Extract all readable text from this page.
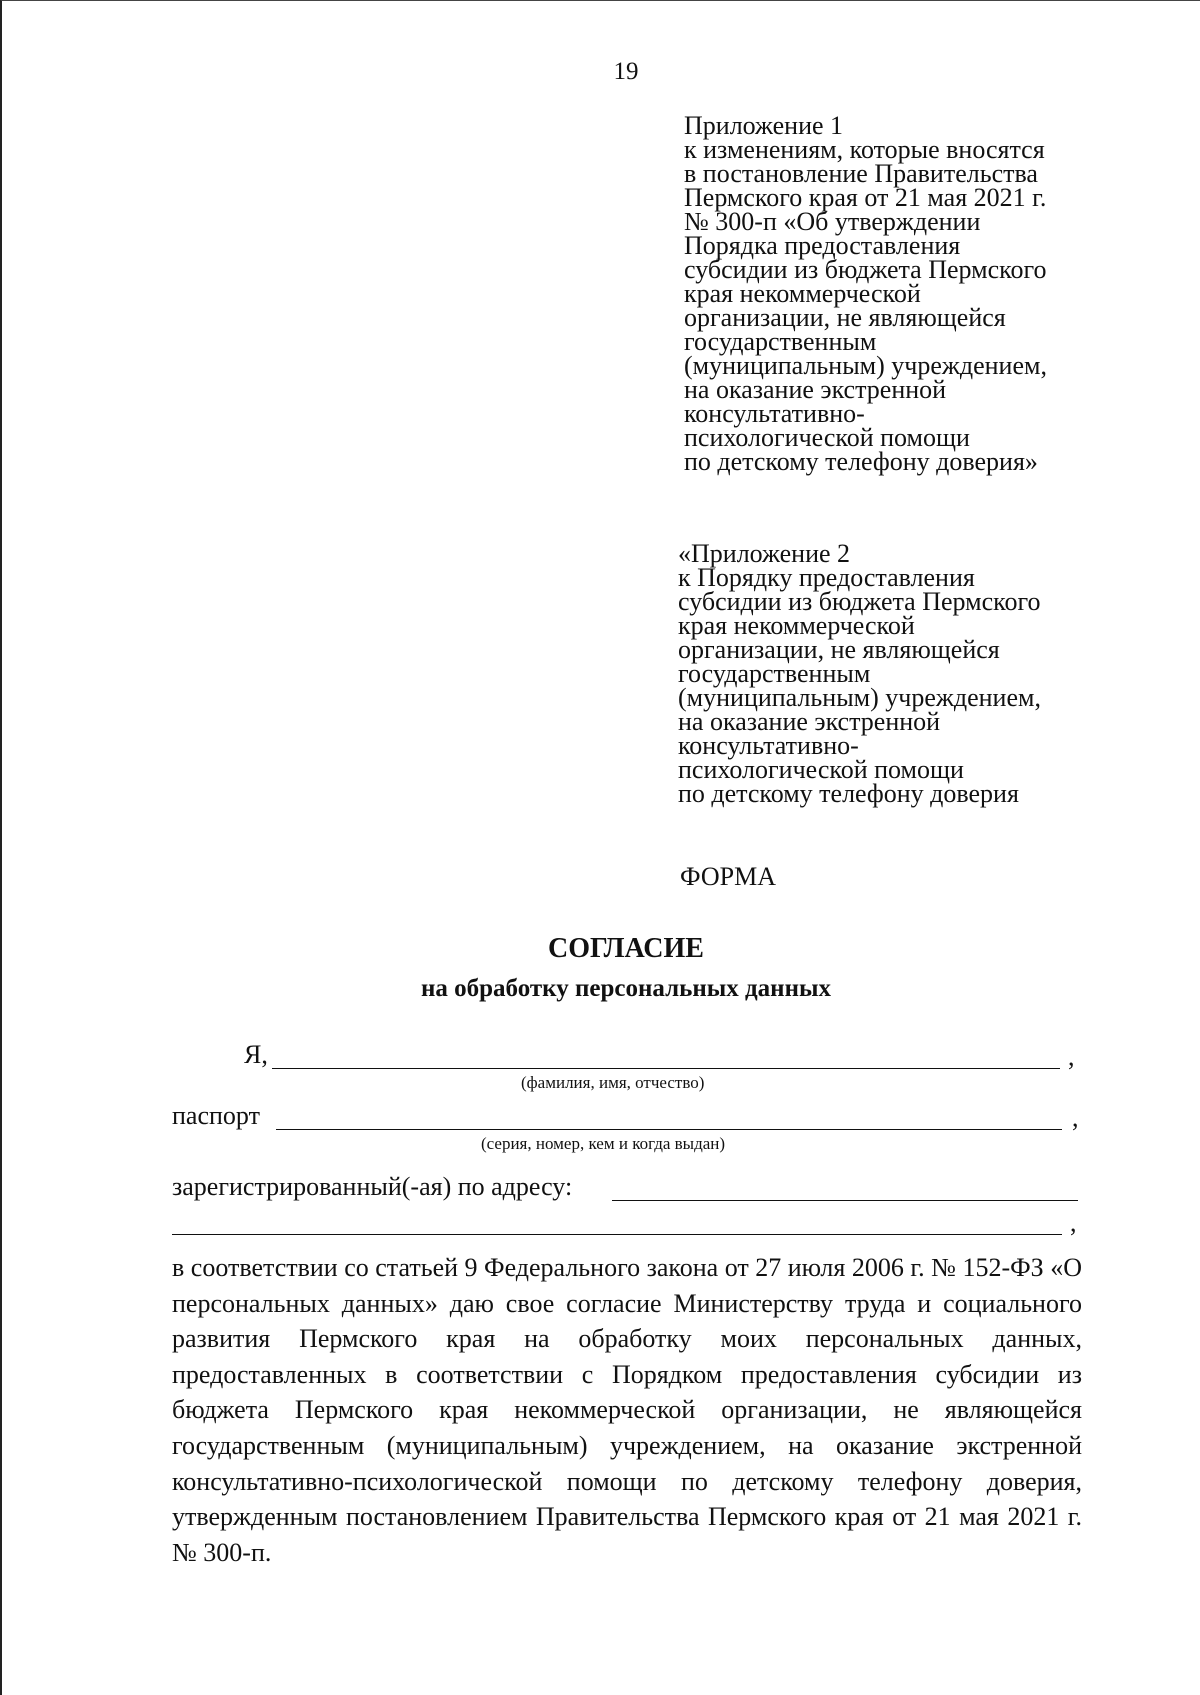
19
Приложение 1
к изменениям, которые вносятся
в постановление Правительства
Пермского края от 21 мая 2021 г.
№ 300-п «Об утверждении
Порядка предоставления
субсидии из бюджета Пермского
края некоммерческой
организации, не являющейся
государственным
(муниципальным) учреждением,
на оказание экстренной
консультативно-
психологической помощи
по детскому телефону доверия»
«Приложение 2
к Порядку предоставления
субсидии из бюджета Пермского
края некоммерческой
организации, не являющейся
государственным
(муниципальным) учреждением,
на оказание экстренной
консультативно-
психологической помощи
по детскому телефону доверия
ФОРМА
СОГЛАСИЕ
на обработку персональных данных
Я,	,
(фамилия, имя, отчество)
паспорт	,
(серия, номер, кем и когда выдан)
зарегистрированный(-ая) по адресу:
,
в соответствии со статьей 9 Федерального закона от 27 июля 2006 г. № 152-ФЗ «О персональных данных» даю свое согласие Министерству труда и социального развития Пермского края на обработку моих персональных данных, предоставленных в соответствии с Порядком предоставления субсидии из бюджета Пермского края некоммерческой организации, не являющейся государственным (муниципальным) учреждением, на оказание экстренной консультативно-психологической помощи по детскому телефону доверия, утвержденным постановлением Правительства Пермского края от 21 мая 2021 г. № 300-п.
